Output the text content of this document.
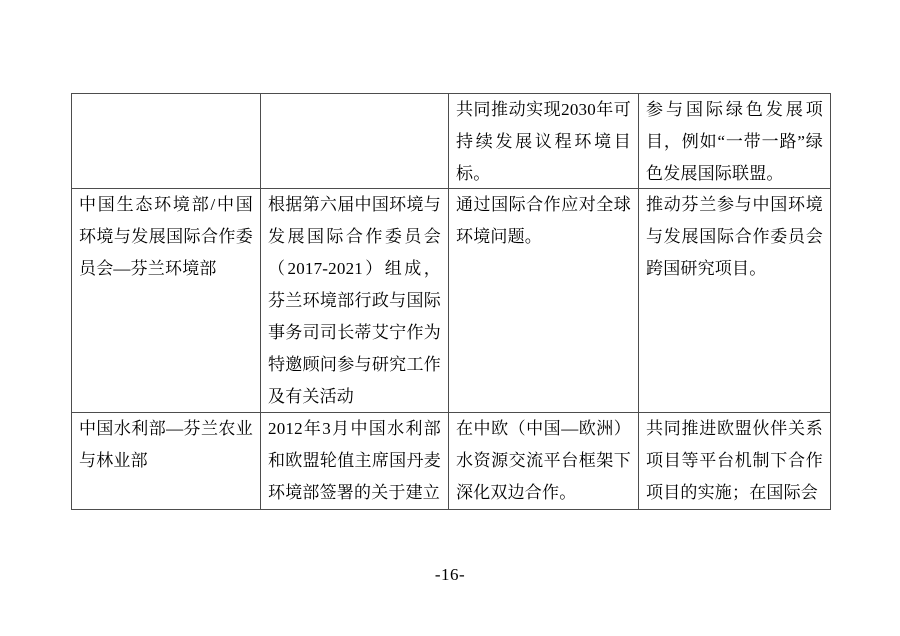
共同推动实现2030年可持续发展议程环境目标。
参与国际绿色发展项目，例如“一带一路”绿色发展国际联盟。
中国生态环境部/中国环境与发展国际合作委员会—芬兰环境部
根据第六届中国环境与发展国际合作委员会（2017-2021）组成，芬兰环境部行政与国际事务司司长蒂艾宁作为特邀顾问参与研究工作及有关活动
通过国际合作应对全球环境问题。
推动芬兰参与中国环境与发展国际合作委员会跨国研究项目。
中国水利部—芬兰农业与林业部
2012年3月中国水利部和欧盟轮值主席国丹麦环境部签署的关于建立
在中欧（中国—欧洲）水资源交流平台框架下深化双边合作。
共同推进欧盟伙伴关系项目等平台机制下合作项目的实施；在国际会
-16-
